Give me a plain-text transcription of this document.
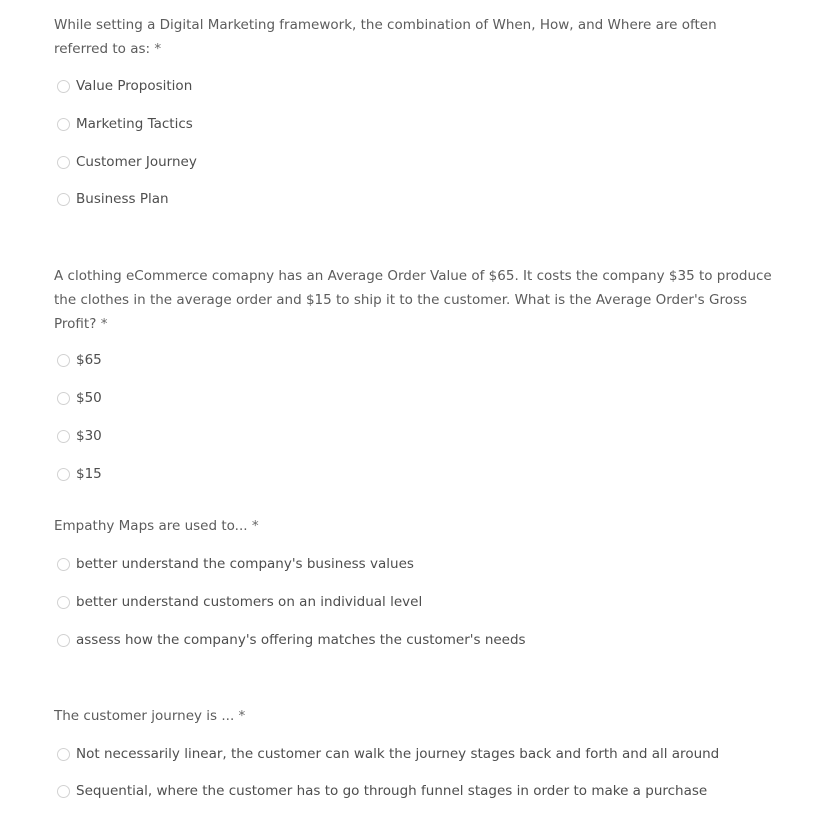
While setting a Digital Marketing framework, the combination of When, How, and Where are often referred to as: *

Value Proposition
Marketing Tactics
Customer Journey
Business Plan

A clothing eCommerce comapny has an Average Order Value of $65. It costs the company $35 to produce the clothes in the average order and $15 to ship it to the customer. What is the Average Order's Gross Profit? *

$65
$50
$30
$15

Empathy Maps are used to... *

better understand the company's business values
better understand customers on an individual level
assess how the company's offering matches the customer's needs

The customer journey is ... *

Not necessarily linear, the customer can walk the journey stages back and forth and all around
Sequential, where the customer has to go through funnel stages in order to make a purchase
